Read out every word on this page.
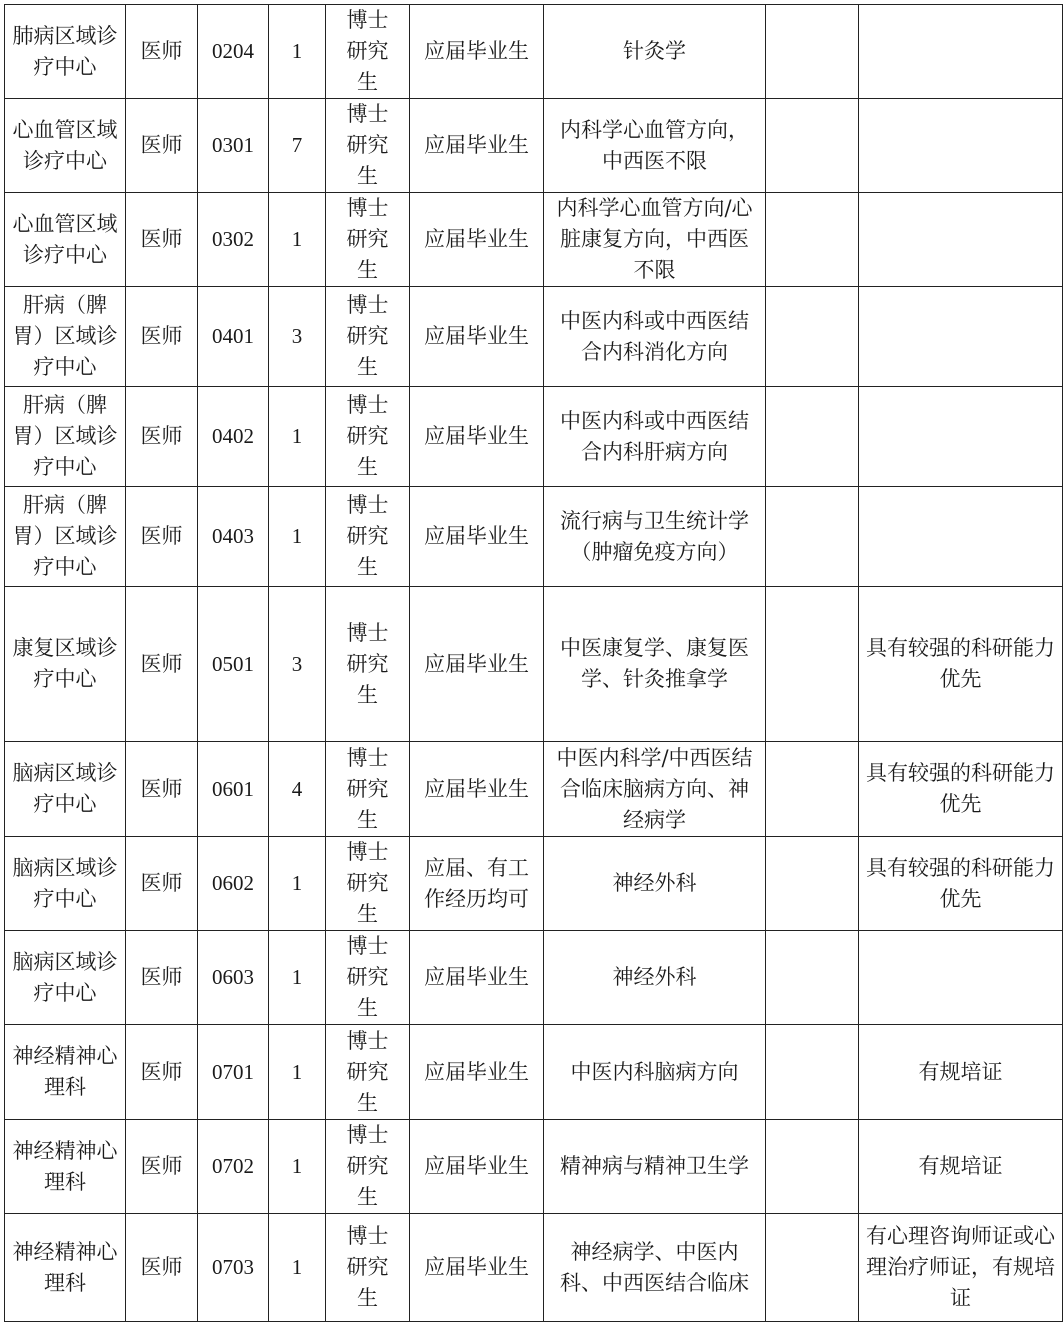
肺病区域诊疗中心	医师	0204	1	博士研究生	应届毕业生	针灸学		
心血管区域诊疗中心	医师	0301	7	博士研究生	应届毕业生	内科学心血管方向，中西医不限		
心血管区域诊疗中心	医师	0302	1	博士研究生	应届毕业生	内科学心血管方向/心脏康复方向，中西医不限		
肝病（脾胃）区域诊疗中心	医师	0401	3	博士研究生	应届毕业生	中医内科或中西医结合内科消化方向		
肝病（脾胃）区域诊疗中心	医师	0402	1	博士研究生	应届毕业生	中医内科或中西医结合内科肝病方向		
肝病（脾胃）区域诊疗中心	医师	0403	1	博士研究生	应届毕业生	流行病与卫生统计学（肿瘤免疫方向）		
康复区域诊疗中心	医师	0501	3	博士研究生	应届毕业生	中医康复学、康复医学、针灸推拿学		具有较强的科研能力优先
脑病区域诊疗中心	医师	0601	4	博士研究生	应届毕业生	中医内科学/中西医结合临床脑病方向、神经病学		具有较强的科研能力优先
脑病区域诊疗中心	医师	0602	1	博士研究生	应届、有工作经历均可	神经外科		具有较强的科研能力优先
脑病区域诊疗中心	医师	0603	1	博士研究生	应届毕业生	神经外科		
神经精神心理科	医师	0701	1	博士研究生	应届毕业生	中医内科脑病方向		有规培证
神经精神心理科	医师	0702	1	博士研究生	应届毕业生	精神病与精神卫生学		有规培证
神经精神心理科	医师	0703	1	博士研究生	应届毕业生	神经病学、中医内科、中西医结合临床		有心理咨询师证或心理治疗师证，有规培证
